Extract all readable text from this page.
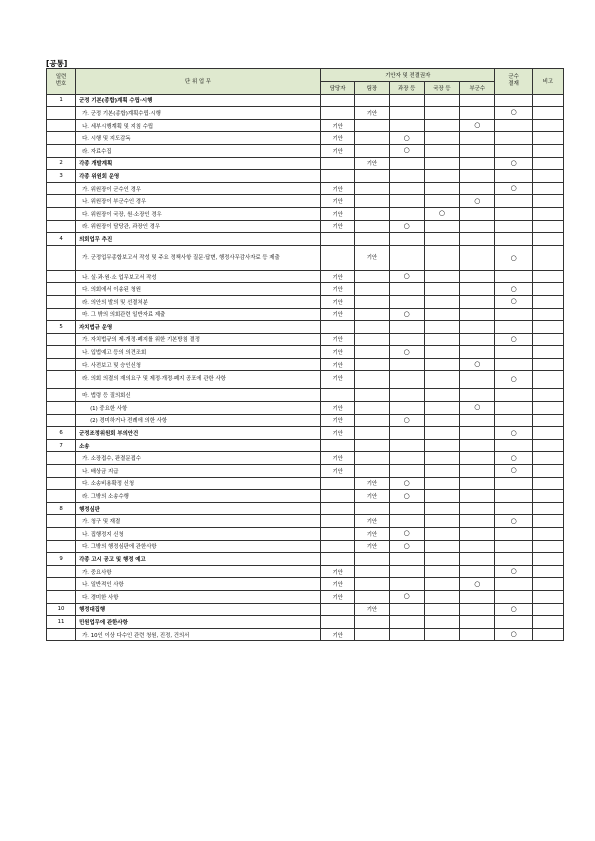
[공통]
일련
번호	단 위 업 무	기안자 및 전결권자					군수
결재	비고
		담당자	팀장	과장 등	국장 등	부군수		
1	군정 기본(종합)계획 수립·시행							
	가. 군정 기본(종합)계획수립·시행		기안				○	
	나. 세부시행계획 및 지침 수립	기안				○		
	다. 시행 및 지도감독	기안		○				
	라. 자료수집	기안		○				
2	각종 개발계획		기안				○	
3	각종 위원회 운영							
	가. 위원장이 군수인 경우	기안					○	
	나. 위원장이 부군수인 경우	기안				○		
	다. 위원장이 국장, 원·소장인 경우	기안			○			
	라. 위원장이 담당관, 과장인 경우	기안		○				
4	의회업무 추진							
	가. 군정업무종합보고서 작성 및 주요 정책사항 질문·답변, 행정사무감사자료 등 제출		기안				○	
	나. 실·과·원·소 업무보고서 작성	기안		○				
	다. 의회에서 이송된 청원	기안					○	
	라. 의안의 발의 및 선결처분	기안					○	
	마. 그 밖의 의회관련 일반자료 제출	기안		○				
5	자치법규 운영							
	가. 자치법규의 제·개정·폐지를 위한 기본방침 결정	기안					○	
	나. 입법예고 등의 의견조회	기안		○				
	다. 사전보고 및 승인신청	기안				○		
	라. 의회 의결의 재의요구 및 제정·개정·폐지 공포에 관한 사항	기안					○	
	마. 법령 등 질의회신							
	(1) 중요한 사항	기안				○		
	(2) 경미하거나 전례에 의한 사항	기안		○				
6	군정조정위원회 부의안건	기안					○	
7	소송							
	가. 소장접수, 판결문접수	기안					○	
	나. 배상금 지급	기안					○	
	다. 소송비용확정 신청		기안	○				
	라. 그밖의 소송수행		기안	○				
8	행정심판							
	가. 청구 및 재결		기안				○	
	나. 집행정지 신청		기안	○				
	다. 그밖의 행정심판에 관한사항		기안	○				
9	각종 고시 공고 및 행정 예고							
	가. 중요사항	기안					○	
	나. 일반적인 사항	기안				○		
	다. 경미한 사항	기안		○				
10	행정대집행		기안				○	
11	민원업무에 관한사항							
	가. 10인 이상 다수인 관련 청원, 진정, 건의서	기안					○	
